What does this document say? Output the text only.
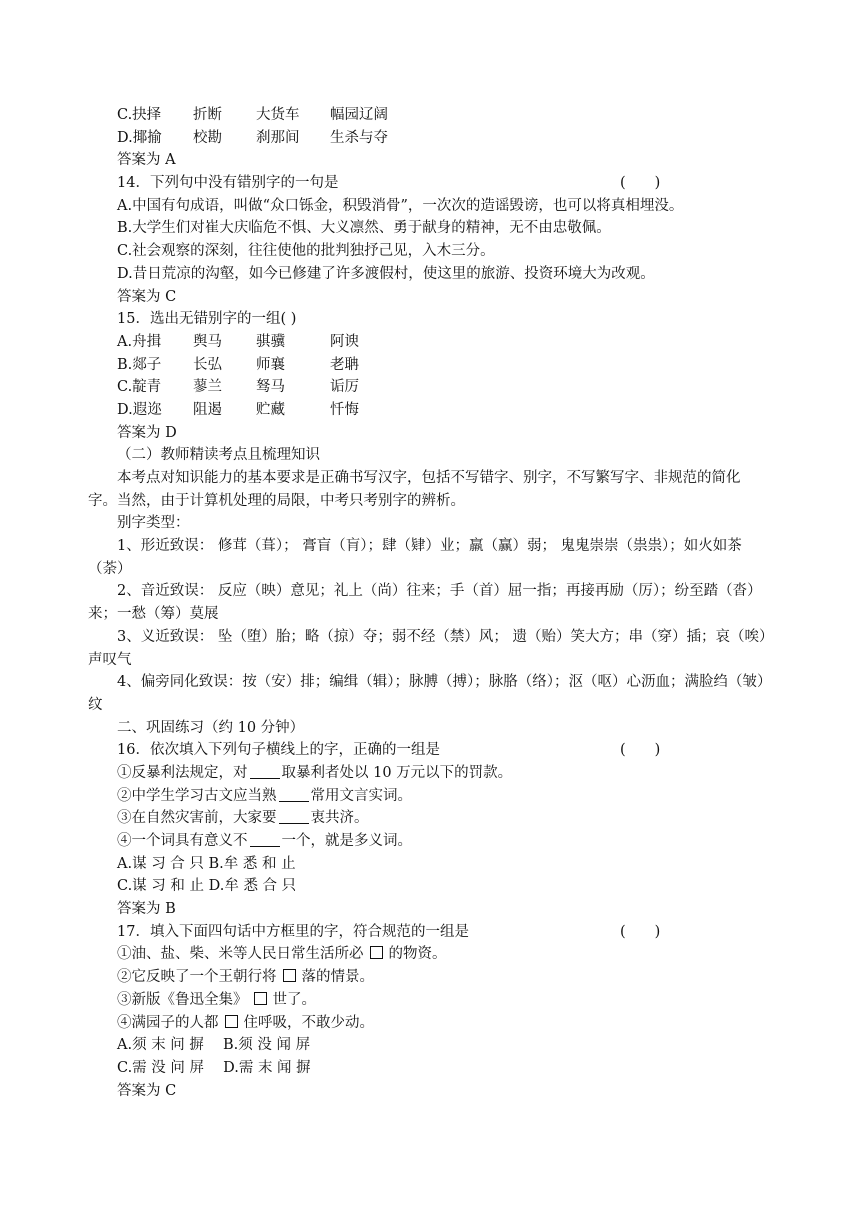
C.抉择 折断 大货车 幅园辽阔
D.揶揄 校勘 刹那间 生杀与夺
答案为 A
14．下列句中没有错别字的一句是	(　　)
A.中国有句成语，叫做“众口铄金，积毁消骨”，一次次的造谣毁谤，也可以将真相埋没。
B.大学生们对崔大庆临危不惧、大义凛然、勇于献身的精神，无不由忠敬佩。
C.社会观察的深刻，往往使他的批判独抒己见，入木三分。
D.昔日荒凉的沟壑，如今已修建了许多渡假村，使这里的旅游、投资环境大为改观。
答案为 C
15．选出无错别字的一组( )
A.舟揖 舆马 骐骥	阿谀
B.郯子 长弘 师襄	老聃
C.靛青 蓼兰 驽马	诟厉
D.遐迩 阻遏 贮藏	忏悔
答案为 D
（二）教师精读考点且梳理知识
本考点对知识能力的基本要求是正确书写汉字，包括不写错字、别字，不写繁写字、非规范的简化
字。当然，由于计算机处理的局限，中考只考别字的辨析。
别字类型：
1、形近致误： 修茸（葺）； 膏盲（肓）；肆（肄）业；羸（赢）弱； 鬼鬼崇崇（祟祟）；如火如茶
（荼）
2、音近致误： 反应（映）意见；礼上（尚）往来；手（首）屈一指；再接再励（厉）；纷至踏（沓）
来；一愁（筹）莫展
3、义近致误： 坠（堕）胎；略（掠）夺；弱不经（禁）风； 遗（贻）笑大方；串（穿）插；哀（唉）
声叹气
4、偏旁同化致误：按（安）排；编缉（辑）；脉膊（搏）；脉胳（络）；沤（呕）心沥血；满脸绉（皱）
纹
二、巩固练习（约 10 分钟）
16．依次填入下列句子横线上的字，正确的一组是	(　　)
①反暴利法规定，对 取暴利者处以 10 万元以下的罚款。
②中学生学习古文应当熟 常用文言实词。
③在自然灾害前，大家要 衷共济。
④一个词具有意义不 一个，就是多义词。
A.谋 习 合 只 B.牟 悉 和 止
C.谋 习 和 止 D.牟 悉 合 只
答案为 B
17．填入下面四句话中方框里的字，符合规范的一组是	(　　)
①油、盐、柴、米等人民日常生活所必 的物资。
②它反映了一个王朝行将 落的情景。
③新版《鲁迅全集》 世了。
④满园子的人都 住呼吸，不敢少动。
A.须 末 问 摒　 B.须 没 闻 屏
C.需 没 问 屏　 D.需 末 闻 摒
答案为 C
